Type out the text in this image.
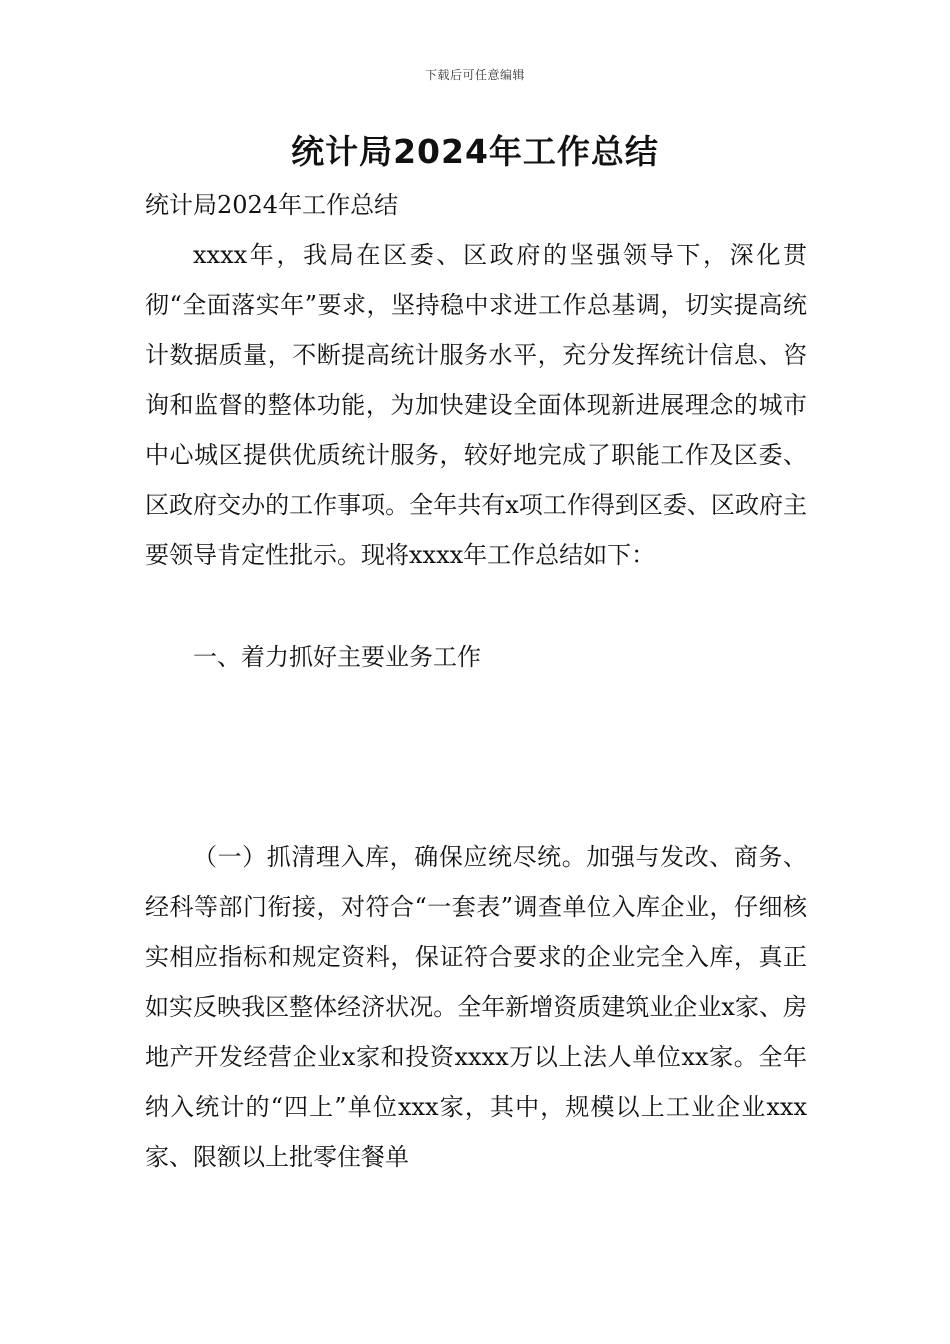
下载后可任意编辑
统计局2024年工作总结

统计局2024年工作总结

xxxx年，我局在区委、区政府的坚强领导下，深化贯彻“全面落实年”要求，坚持稳中求进工作总基调，切实提高统计数据质量，不断提高统计服务水平，充分发挥统计信息、咨询和监督的整体功能，为加快建设全面体现新进展理念的城市中心城区提供优质统计服务，较好地完成了职能工作及区委、区政府交办的工作事项。全年共有x项工作得到区委、区政府主要领导肯定性批示。现将xxxx年工作总结如下：

一、着力抓好主要业务工作

（一）抓清理入库，确保应统尽统。加强与发改、商务、经科等部门衔接，对符合“一套表”调查单位入库企业，仔细核实相应指标和规定资料，保证符合要求的企业完全入库，真正如实反映我区整体经济状况。全年新增资质建筑业企业x家、房地产开发经营企业x家和投资xxxx万以上法人单位xx家。全年纳入统计的“四上”单位xxx家，其中，规模以上工业企业xxx家、限额以上批零住餐单
